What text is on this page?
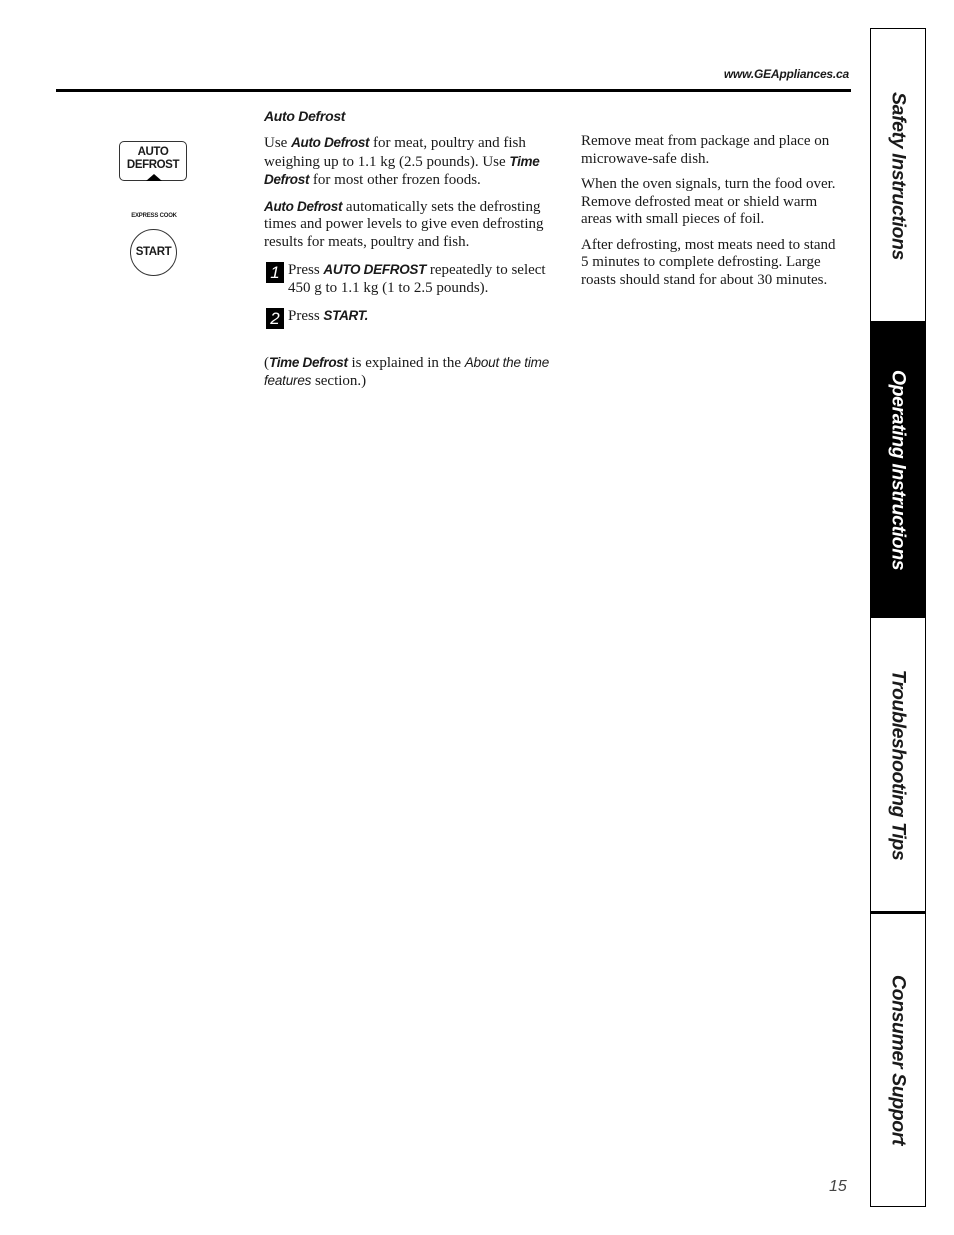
www.GEAppliances.ca
AUTO
DEFROST
EXPRESS COOK
START
Auto Defrost

Use Auto Defrost for meat, poultry and fish weighing up to 1.1 kg (2.5 pounds). Use Time Defrost for most other frozen foods.

Auto Defrost automatically sets the defrosting times and power levels to give even defrosting results for meats, poultry and fish.

1 Press AUTO DEFROST repeatedly to select 450 g to 1.1 kg (1 to 2.5 pounds).
2 Press START.

(Time Defrost is explained in the About the time features section.)

Remove meat from package and place on microwave-safe dish.

When the oven signals, turn the food over. Remove defrosted meat or shield warm areas with small pieces of foil.

After defrosting, most meats need to stand 5 minutes to complete defrosting. Large roasts should stand for about 30 minutes.

Safety Instructions
Operating Instructions
Troubleshooting Tips
Consumer Support
15
